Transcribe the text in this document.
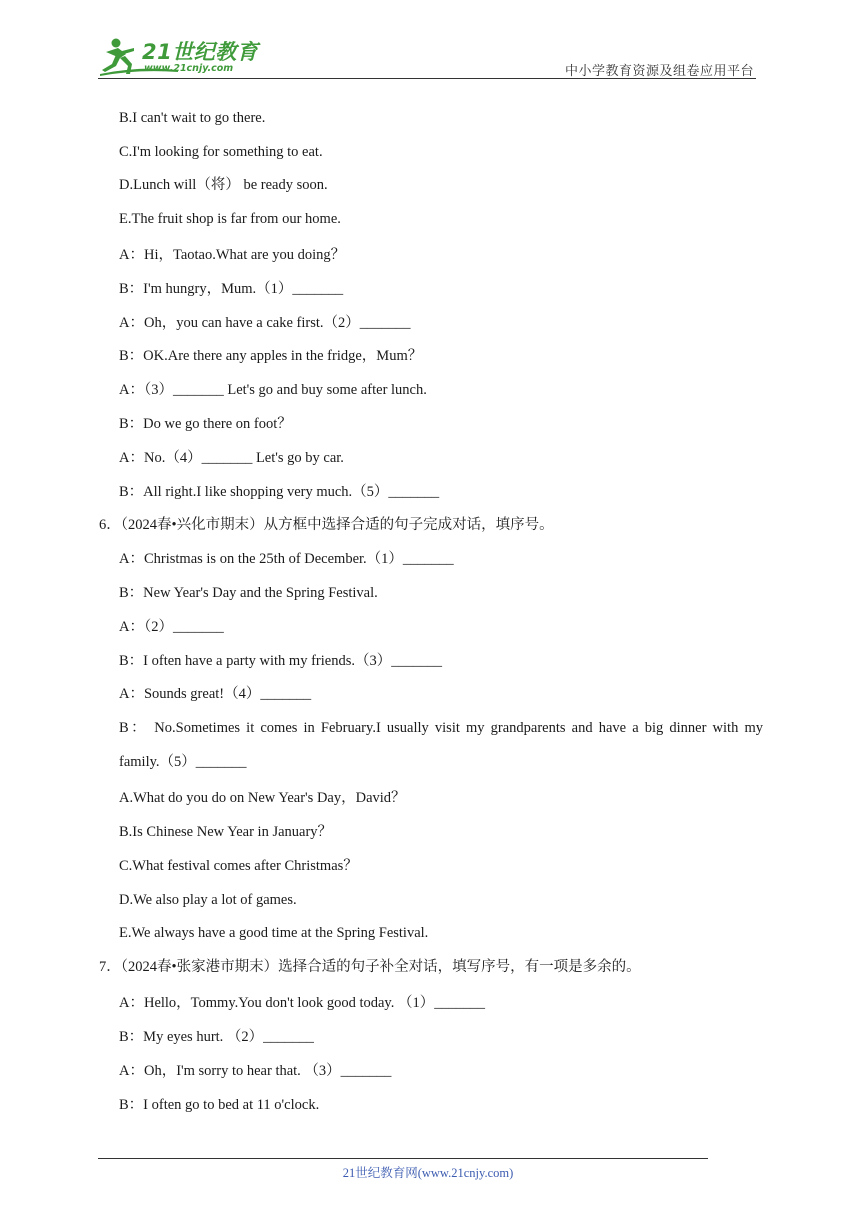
21世纪教育
www.21cnjy.com	中小学教育资源及组卷应用平台
B.I can't wait to go there.
C.I'm looking for something to eat.
D.Lunch will（将） be ready soon.
E.The fruit shop is far from our home.
A：Hi，Taotao.What are you doing？
B：I'm hungry，Mum.（1）_______
A：Oh，you can have a cake first.（2）_______
B：OK.Are there any apples in the fridge，Mum？
A：（3）_______ Let's go and buy some after lunch.
B：Do we go there on foot？
A：No.（4）_______ Let's go by car.
B：All right.I like shopping very much.（5）_______
6．（2024春•兴化市期末）从方框中选择合适的句子完成对话，填序号。
A：Christmas is on the 25th of December.（1）_______
B：New Year's Day and the Spring Festival.
A：（2）_______
B：I often have a party with my friends.（3）_______
A：Sounds great!（4）_______
B： No.Sometimes it comes in February.I usually visit my grandparents and have a big dinner with my
family.（5）_______
A.What do you do on New Year's Day，David？
B.Is Chinese New Year in January？
C.What festival comes after Christmas？
D.We also play a lot of games.
E.We always have a good time at the Spring Festival.
7．（2024春•张家港市期末）选择合适的句子补全对话，填写序号，有一项是多余的。
A：Hello，Tommy.You don't look good today. （1）_______
B：My eyes hurt. （2）_______
A：Oh，I'm sorry to hear that. （3）_______
B：I often go to bed at 11 o'clock.
21世纪教育网(www.21cnjy.com)
